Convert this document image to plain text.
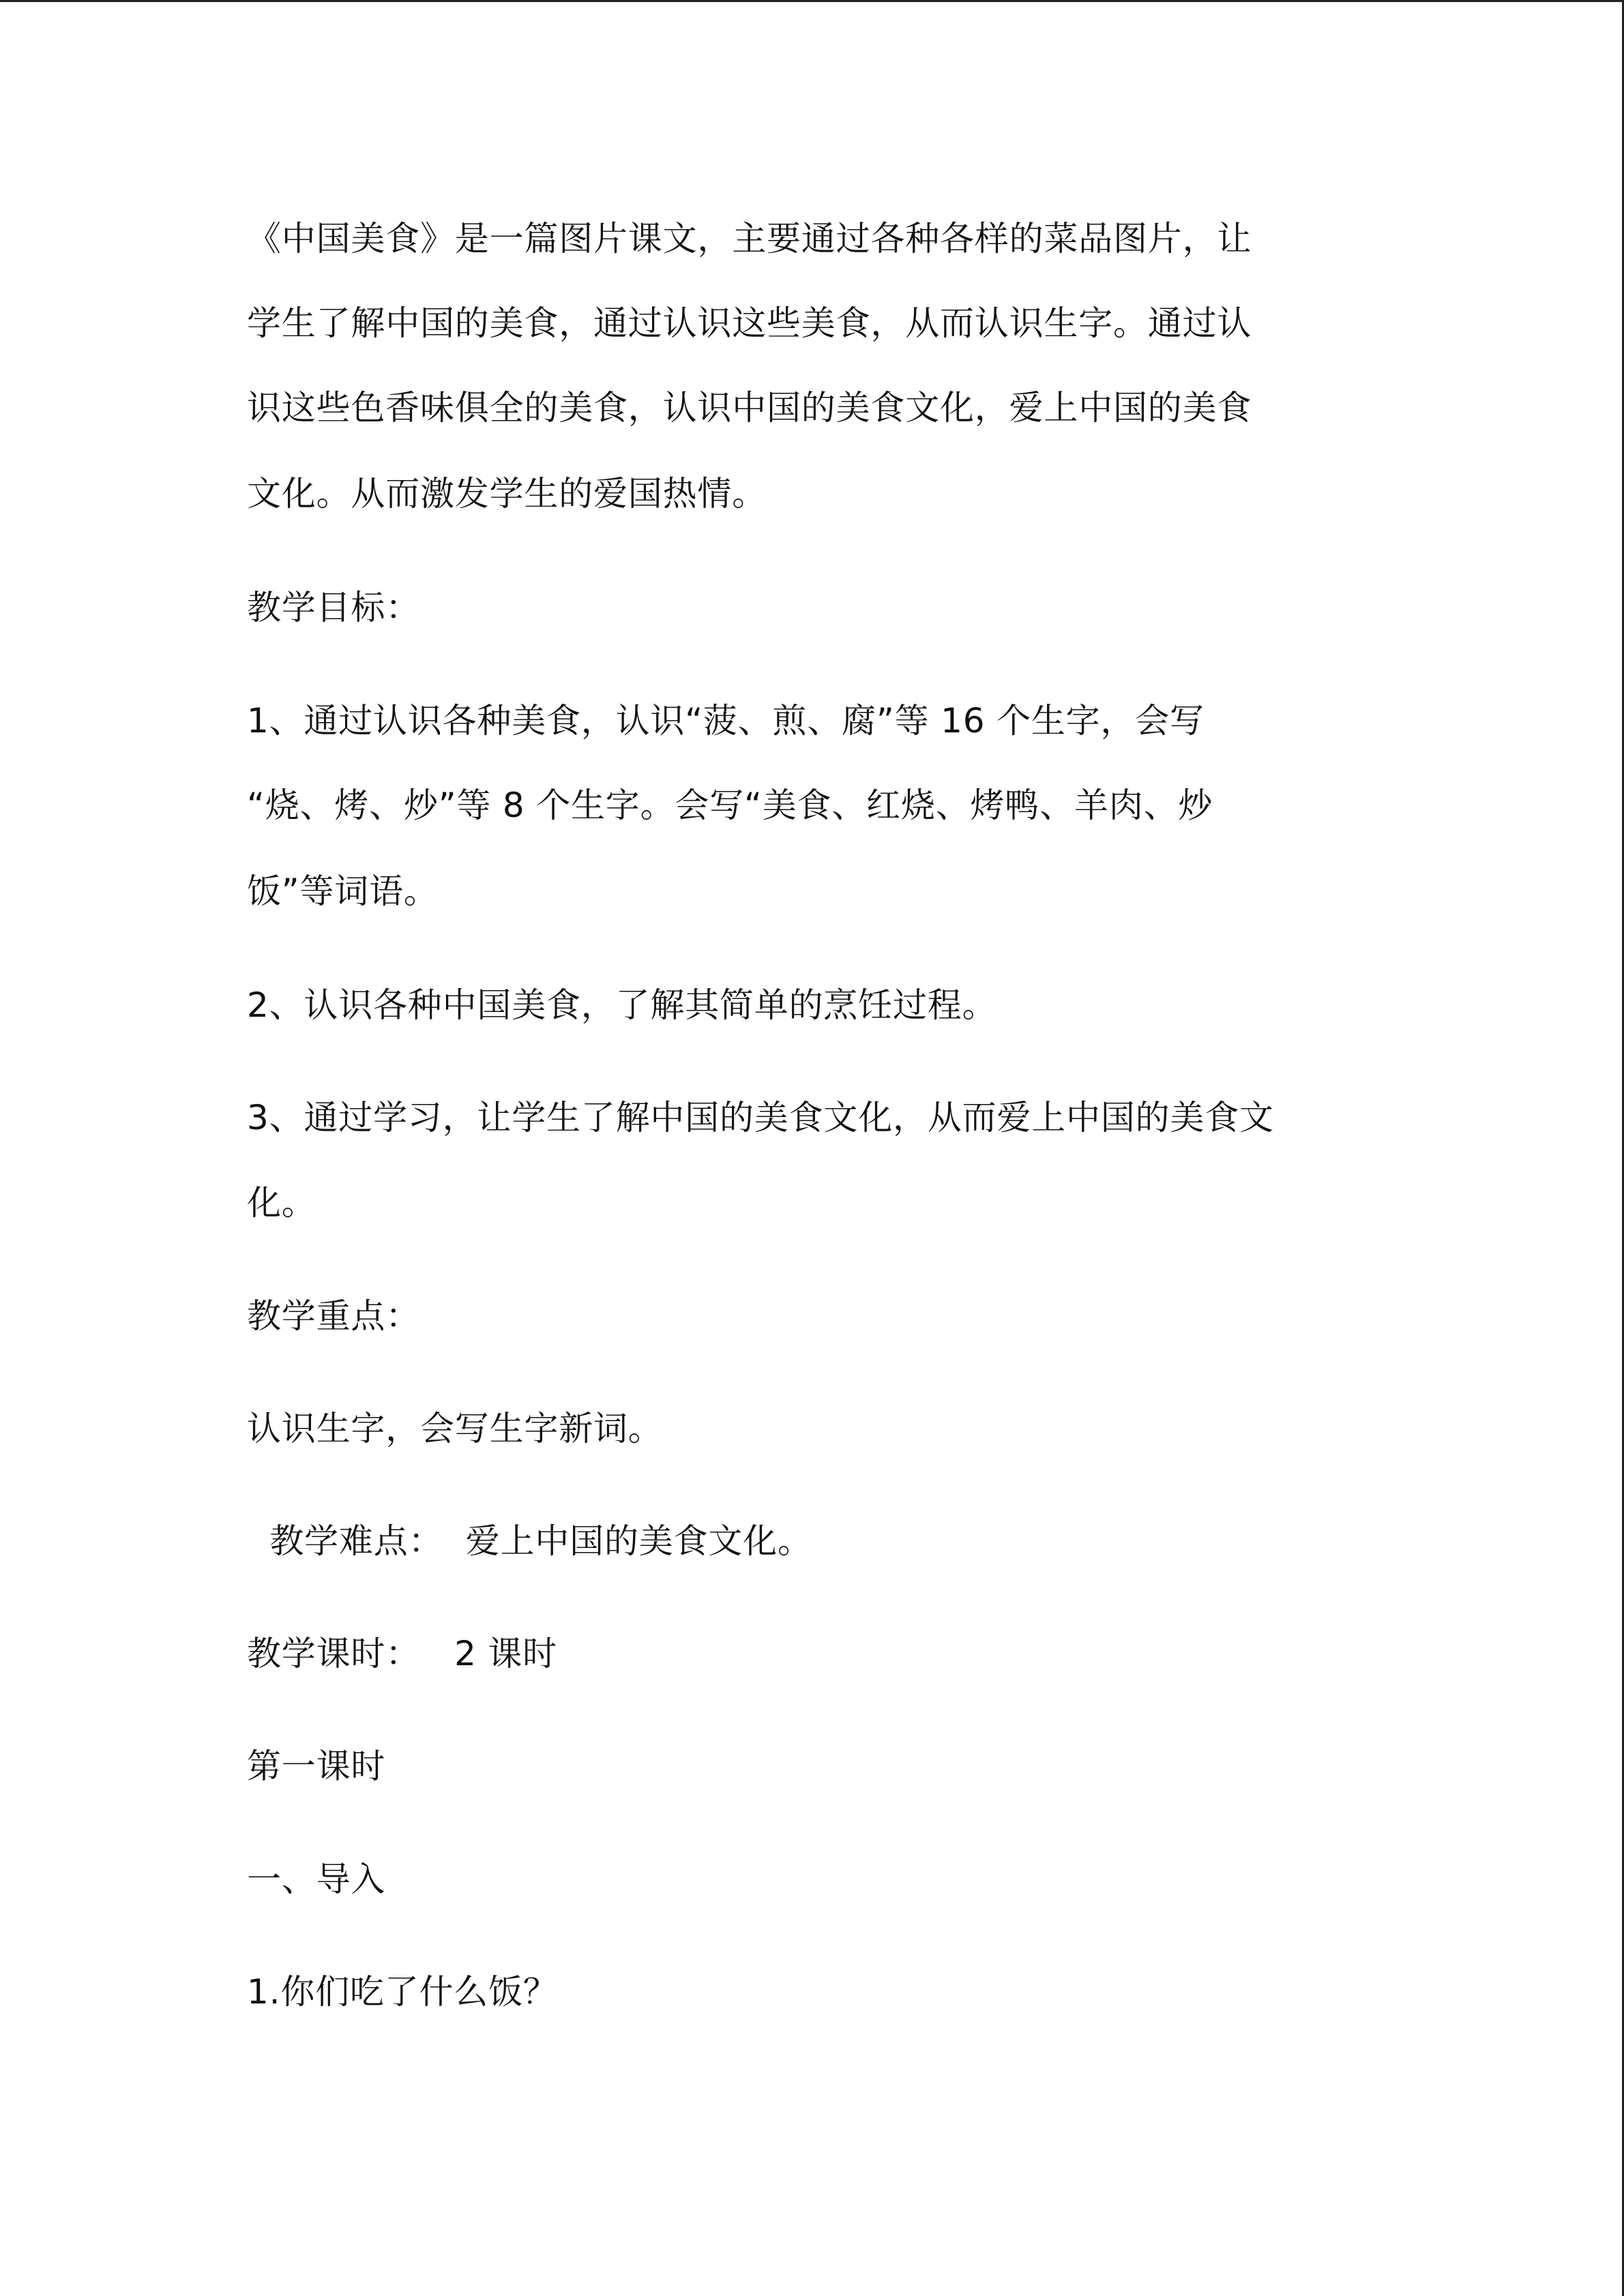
《中国美食》是一篇图片课文，主要通过各种各样的菜品图片，让

学生了解中国的美食，通过认识这些美食，从而认识生字。通过认

识这些色香味俱全的美食，认识中国的美食文化，爱上中国的美食

文化。从而激发学生的爱国热情。

教学目标：

1、通过认识各种美食，认识“菠、煎、腐”等 16 个生字，会写

“烧、烤、炒”等 8 个生字。会写“美食、红烧、烤鸭、羊肉、炒

饭”等词语。

2、认识各种中国美食，了解其简单的烹饪过程。

3、通过学习，让学生了解中国的美食文化，从而爱上中国的美食文

化。

教学重点：

认识生字，会写生字新词。

教学难点：  爱上中国的美食文化。

教学课时：   2 课时

第一课时

一、导入

1.你们吃了什么饭？
